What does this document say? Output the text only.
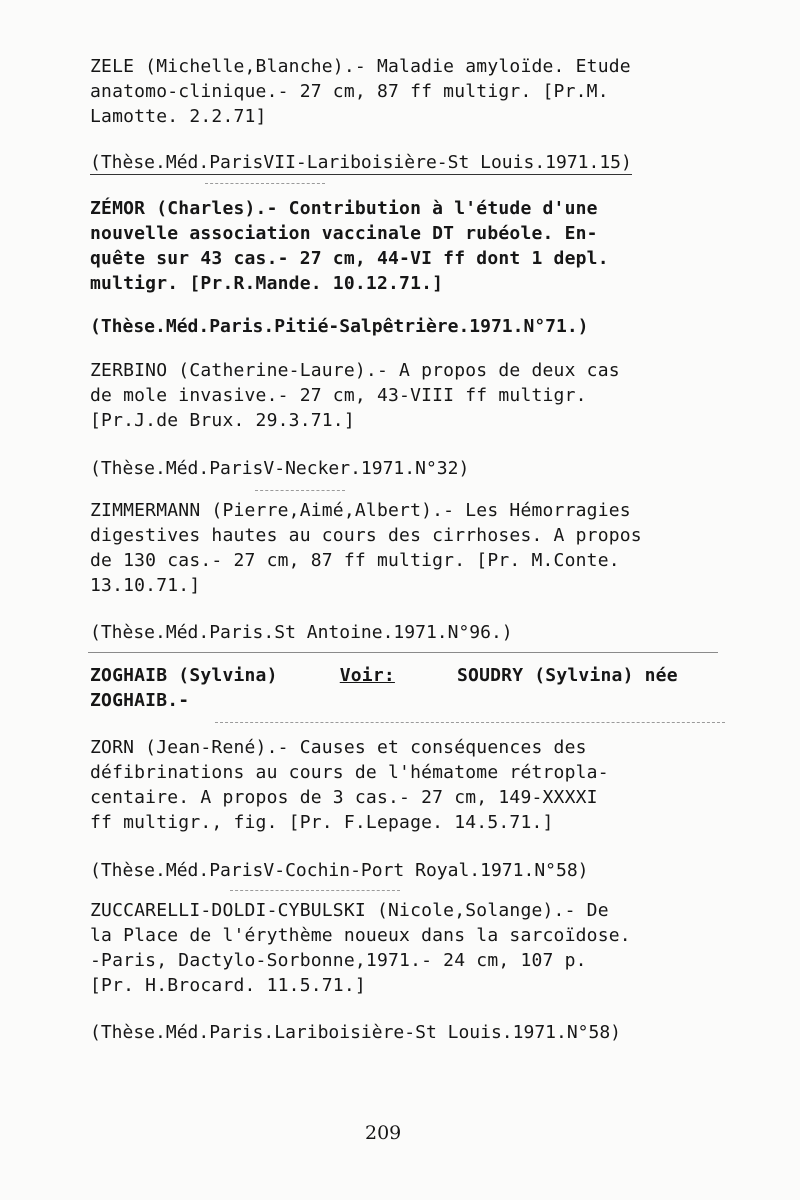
ZELE (Michelle,Blanche).- Maladie amyloïde. Etude
anatomo-clinique.- 27 cm, 87 ff multigr. [Pr.M.
Lamotte. 2.2.71]
(Thèse.Méd.ParisVII-Lariboisière-St Louis.1971.15)
ZÉMOR (Charles).- Contribution à l'étude d'une
nouvelle association vaccinale DT rubéole. En-
quête sur 43 cas.- 27 cm, 44-VI ff dont 1 depl.
multigr. [Pr.R.Mande. 10.12.71.]
(Thèse.Méd.Paris.Pitié-Salpêtrière.1971.N°71.)
ZERBINO (Catherine-Laure).- A propos de deux cas
de mole invasive.- 27 cm, 43-VIII ff multigr.
[Pr.J.de Brux. 29.3.71.]
(Thèse.Méd.ParisV-Necker.1971.N°32)
ZIMMERMANN (Pierre,Aimé,Albert).- Les Hémorragies
digestives hautes au cours des cirrhoses. A propos
de 130 cas.- 27 cm, 87 ff multigr. [Pr. M.Conte.
13.10.71.]
(Thèse.Méd.Paris.St Antoine.1971.N°96.)
ZOGHAIB (Sylvina)	Voir:	SOUDRY (Sylvina) née
ZOGHAIB.-
ZORN (Jean-René).- Causes et conséquences des
défibrinations au cours de l'hématome rétropla-
centaire. A propos de 3 cas.- 27 cm, 149-XXXXI
ff multigr., fig. [Pr. F.Lepage. 14.5.71.]
(Thèse.Méd.ParisV-Cochin-Port Royal.1971.N°58)
ZUCCARELLI-DOLDI-CYBULSKI (Nicole,Solange).- De
la Place de l'érythème noueux dans la sarcoïdose.
-Paris, Dactylo-Sorbonne,1971.- 24 cm, 107 p.
[Pr. H.Brocard. 11.5.71.]
(Thèse.Méd.Paris.Lariboisière-St Louis.1971.N°58)
209
